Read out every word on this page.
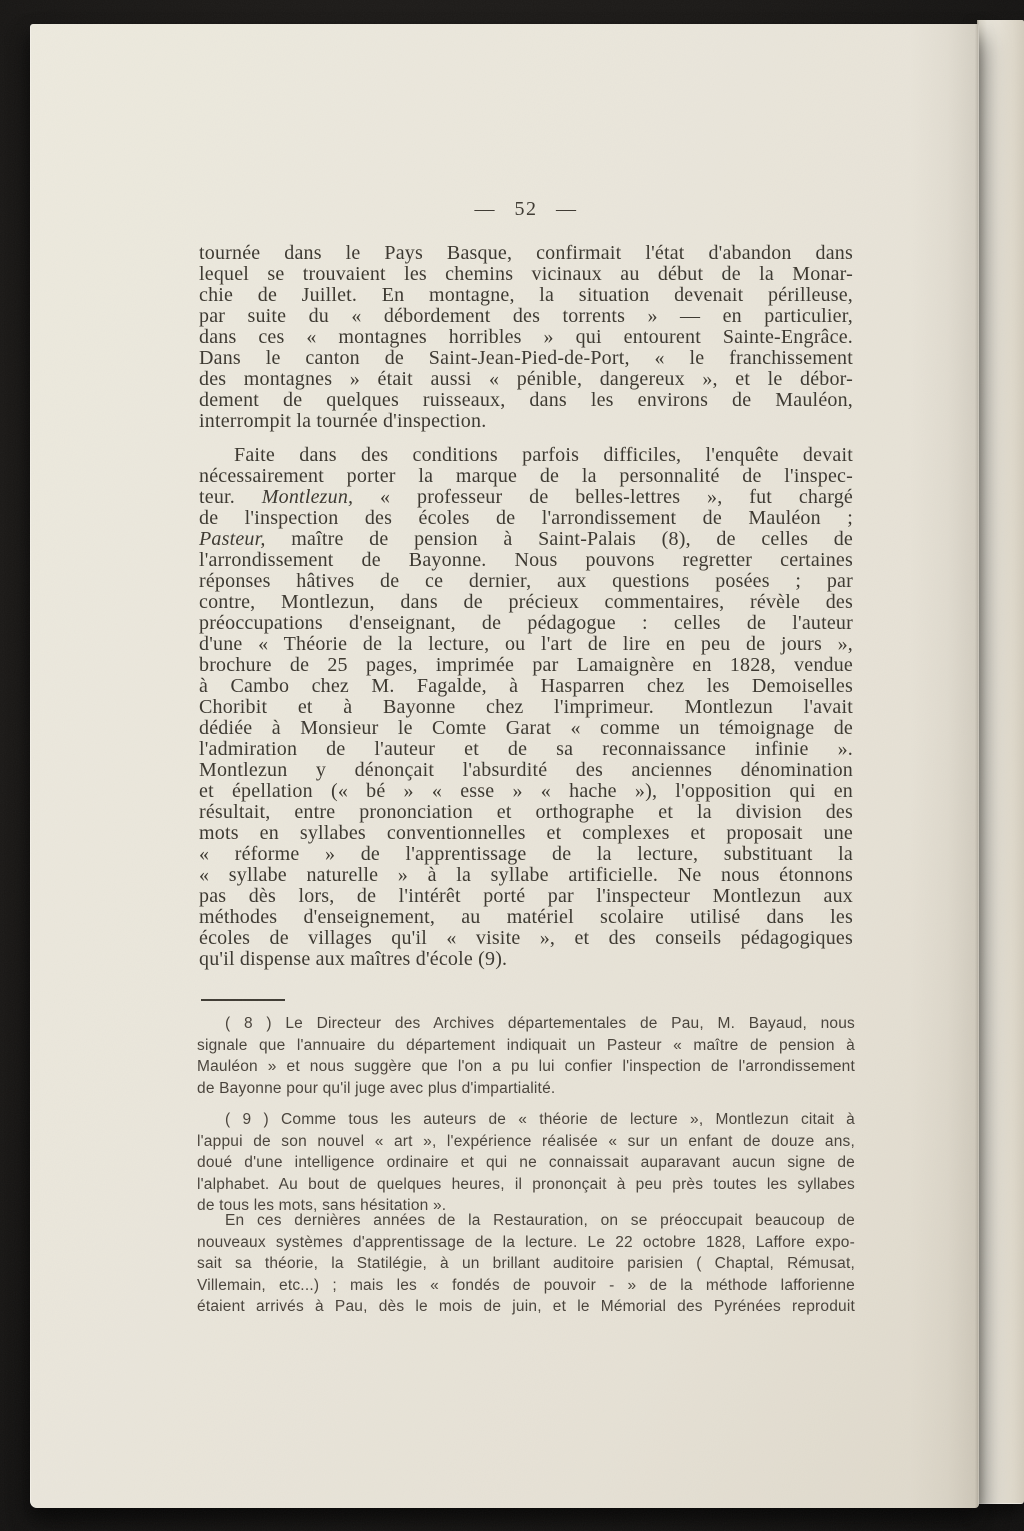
— 52 —
tournée dans le Pays Basque, confirmait l'état d'abandon dans
lequel se trouvaient les chemins vicinaux au début de la Monar-
chie de Juillet. En montagne, la situation devenait périlleuse,
par suite du « débordement des torrents » — en particulier,
dans ces « montagnes horribles » qui entourent Sainte-Engrâce.
Dans le canton de Saint-Jean-Pied-de-Port, « le franchissement
des montagnes » était aussi « pénible, dangereux », et le débor-
dement de quelques ruisseaux, dans les environs de Mauléon,
interrompit la tournée d'inspection.
Faite dans des conditions parfois difficiles, l'enquête devait
nécessairement porter la marque de la personnalité de l'inspec-
teur. Montlezun, « professeur de belles-lettres », fut chargé
de l'inspection des écoles de l'arrondissement de Mauléon ;
Pasteur, maître de pension à Saint-Palais (8), de celles de
l'arrondissement de Bayonne. Nous pouvons regretter certaines
réponses hâtives de ce dernier, aux questions posées ; par
contre, Montlezun, dans de précieux commentaires, révèle des
préoccupations d'enseignant, de pédagogue : celles de l'auteur
d'une « Théorie de la lecture, ou l'art de lire en peu de jours »,
brochure de 25 pages, imprimée par Lamaignère en 1828, vendue
à Cambo chez M. Fagalde, à Hasparren chez les Demoiselles
Choribit et à Bayonne chez l'imprimeur. Montlezun l'avait
dédiée à Monsieur le Comte Garat « comme un témoignage de
l'admiration de l'auteur et de sa reconnaissance infinie ».
Montlezun y dénonçait l'absurdité des anciennes dénomination
et épellation (« bé » « esse » « hache »), l'opposition qui en
résultait, entre prononciation et orthographe et la division des
mots en syllabes conventionnelles et complexes et proposait une
« réforme » de l'apprentissage de la lecture, substituant la
« syllabe naturelle » à la syllabe artificielle. Ne nous étonnons
pas dès lors, de l'intérêt porté par l'inspecteur Montlezun aux
méthodes d'enseignement, au matériel scolaire utilisé dans les
écoles de villages qu'il « visite », et des conseils pédagogiques
qu'il dispense aux maîtres d'école (9).
( 8 ) Le Directeur des Archives départementales de Pau, M. Bayaud, nous
signale que l'annuaire du département indiquait un Pasteur « maître de pension à
Mauléon » et nous suggère que l'on a pu lui confier l'inspection de l'arrondissement
de Bayonne pour qu'il juge avec plus d'impartialité.
( 9 ) Comme tous les auteurs de « théorie de lecture », Montlezun citait à
l'appui de son nouvel « art », l'expérience réalisée « sur un enfant de douze ans,
doué d'une intelligence ordinaire et qui ne connaissait auparavant aucun signe de
l'alphabet. Au bout de quelques heures, il prononçait à peu près toutes les syllabes
de tous les mots, sans hésitation ».
En ces dernières années de la Restauration, on se préoccupait beaucoup de
nouveaux systèmes d'apprentissage de la lecture. Le 22 octobre 1828, Laffore expo-
sait sa théorie, la Statilégie, à un brillant auditoire parisien ( Chaptal, Rémusat,
Villemain, etc...) ; mais les « fondés de pouvoir - » de la méthode lafforienne
étaient arrivés à Pau, dès le mois de juin, et le Mémorial des Pyrénées reproduit
